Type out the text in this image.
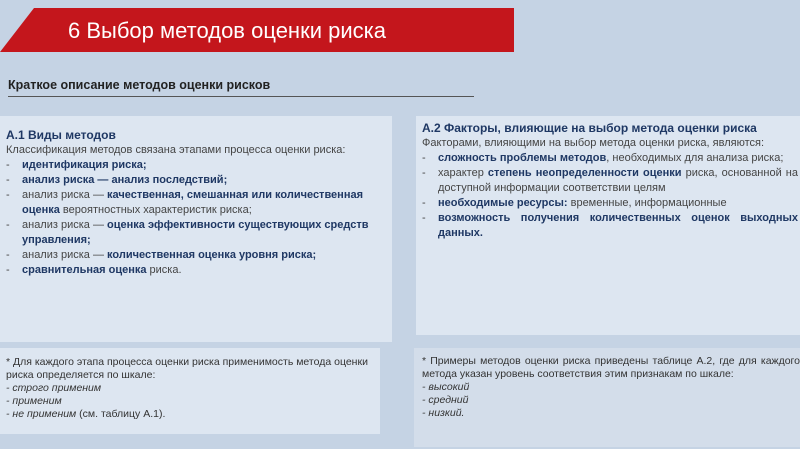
6 Выбор методов оценки риска
Краткое описание методов оценки рисков
А.1 Виды методов
Классификация методов связана этапами процесса оценки риска:
- идентификация риска;
- анализ риска — анализ последствий;
- анализ риска — качественная, смешанная или количественная оценка вероятностных характеристик риска;
- анализ риска — оценка эффективности существующих средств управления;
- анализ риска — количественная оценка уровня риска;
- сравнительная оценка риска.
А.2 Факторы, влияющие на выбор метода оценки риска
Факторами, влияющими на выбор метода оценки риска, являются:
- сложность проблемы методов, необходимых для анализа риска;
- характер степень неопределенности оценки риска, основанной на доступной информации соответствии целям
- необходимые ресурсы: временные, информационные
- возможность получения количественных оценок выходных данных.
* Для каждого этапа процесса оценки риска применимость метода оценки риска определяется по шкале:
- строго применим
- применим
- не применим (см. таблицу А.1).
* Примеры методов оценки риска приведены таблице А.2, где для каждого метода указан уровень соответствия этим признакам по шкале:
- высокий
- средний
- низкий.
